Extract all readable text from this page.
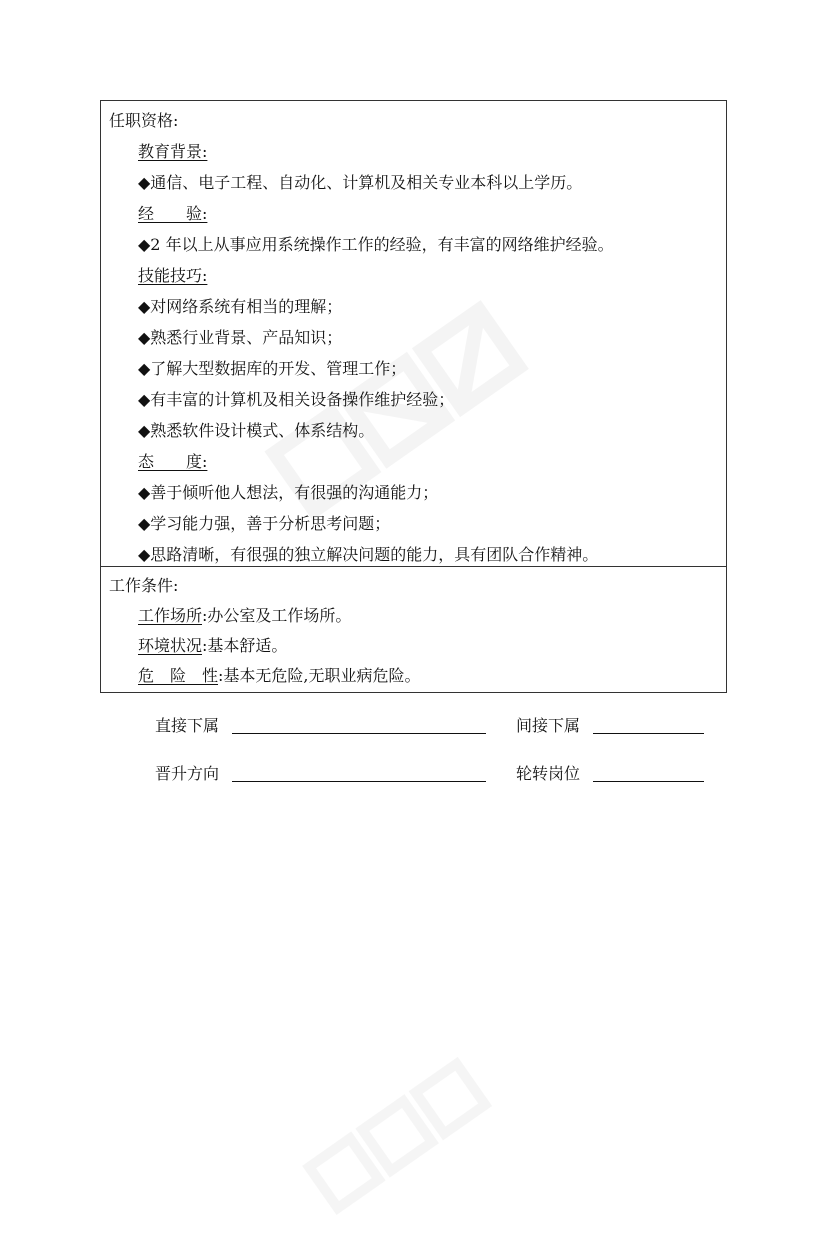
任职资格:
教育背景:
◆通信、电子工程、自动化、计算机及相关专业本科以上学历。
经　　验:
◆2 年以上从事应用系统操作工作的经验，有丰富的网络维护经验。
技能技巧:
◆对网络系统有相当的理解；
◆熟悉行业背景、产品知识；
◆了解大型数据库的开发、管理工作；
◆有丰富的计算机及相关设备操作维护经验；
◆熟悉软件设计模式、体系结构。
态　　度:
◆善于倾听他人想法，有很强的沟通能力；
◆学习能力强，善于分析思考问题；
◆思路清晰，有很强的独立解决问题的能力，具有团队合作精神。
工作条件:
工作场所:办公室及工作场所。
环境状况:基本舒适。
危　险　性:基本无危险,无职业病危险。
直接下属	间接下属
晋升方向	轮转岗位
